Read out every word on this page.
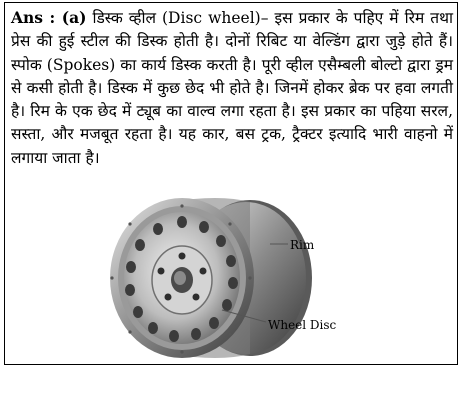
Ans : (a) डिस्क व्हील (Disc wheel)– इस प्रकार के पहिए में रिम तथा प्रेस की हुई स्टील की डिस्क होती है। दोनों रिबिट या वेल्डिंग द्वारा जुड़े होते हैं। स्पोक (Spokes) का कार्य डिस्क करती है। पूरी व्हील एसैम्बली बोल्टो द्वारा ड्रम से कसी होती है। डिस्क में कुछ छेद भी होते है। जिनमें होकर ब्रेक पर हवा लगती है। रिम के एक छेद में ट्यूब का वाल्व लगा रहता है। इस प्रकार का पहिया सरल, सस्ता, और मजबूत रहता है। यह कार, बस ट्रक, ट्रैक्टर इत्यादि भारी वाहनो में लगाया जाता है।
Rim
Wheel Disc
